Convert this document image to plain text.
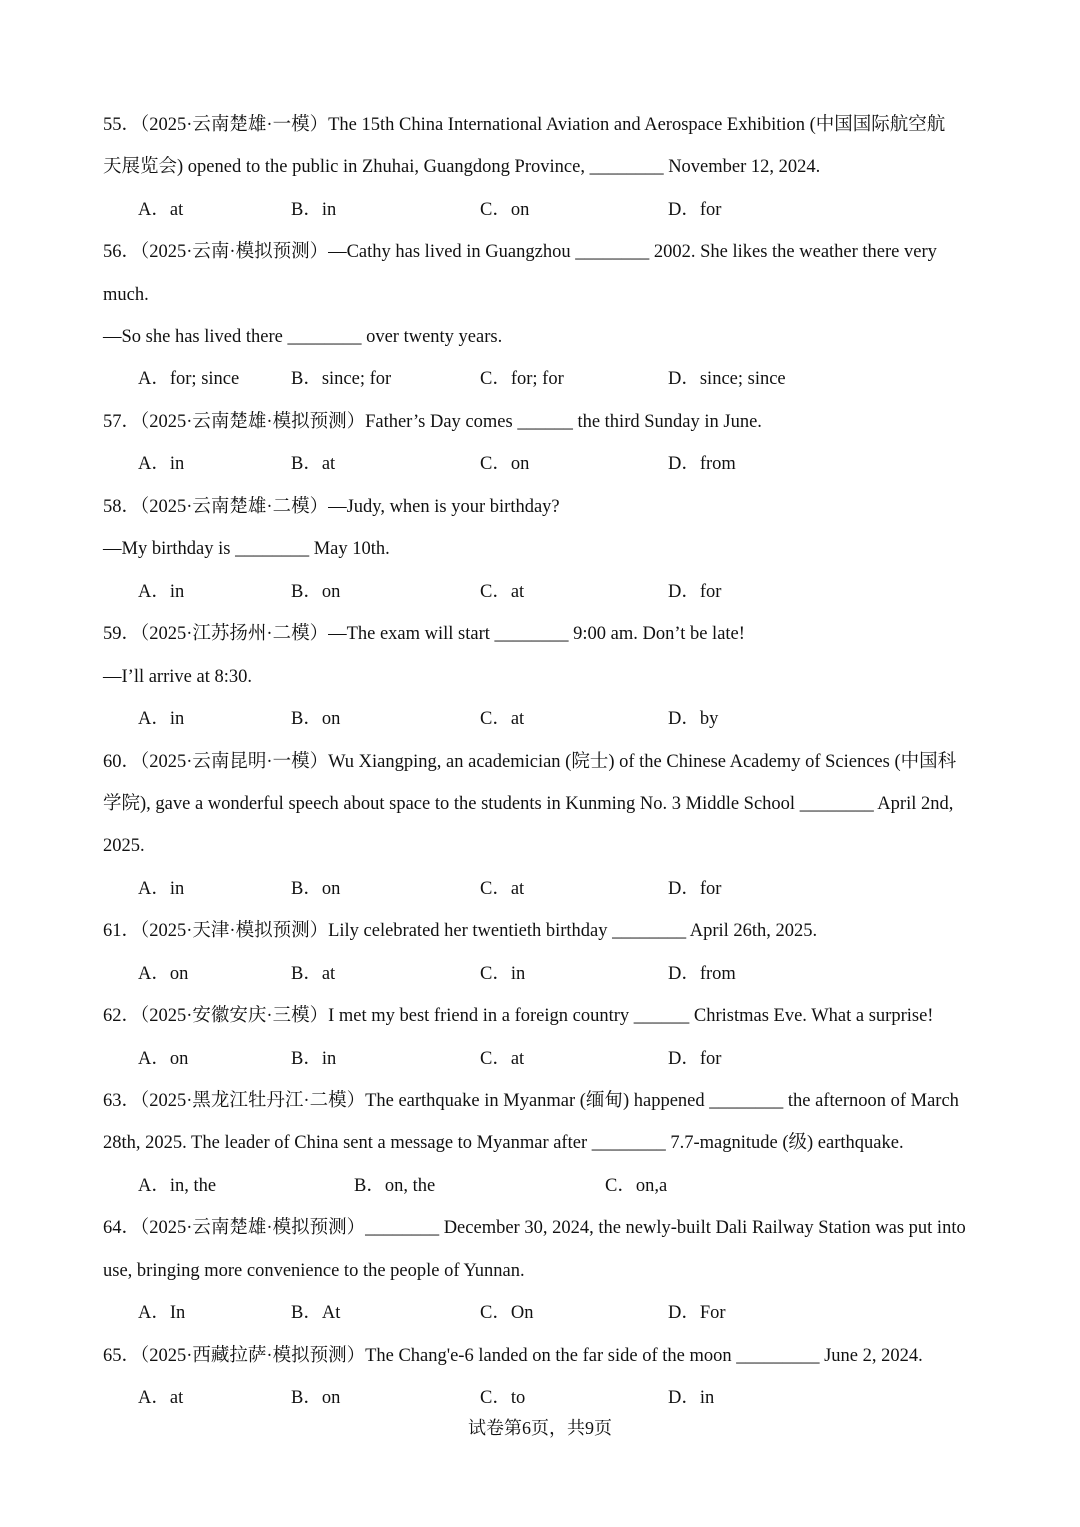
55．（2025·云南楚雄·一模）The 15th China International Aviation and Aerospace Exhibition (中国国际航空航
天展览会) opened to the public in Zhuhai, Guangdong Province, ________ November 12, 2024.
A．at	B．in	C．on	D．for
56．（2025·云南·模拟预测）—Cathy has lived in Guangzhou ________ 2002. She likes the weather there very
much.
—So she has lived there ________ over twenty years.
A．for; since	B．since; for	C．for; for	D．since; since
57．（2025·云南楚雄·模拟预测）Father’s Day comes ______ the third Sunday in June.
A．in	B．at	C．on	D．from
58．（2025·云南楚雄·二模）—Judy, when is your birthday?
—My birthday is ________ May 10th.
A．in	B．on	C．at	D．for
59．（2025·江苏扬州·二模）—The exam will start ________ 9:00 am. Don’t be late!
—I’ll arrive at 8:30.
A．in	B．on	C．at	D．by
60．（2025·云南昆明·一模）Wu Xiangping, an academician (院士) of the Chinese Academy of Sciences (中国科
学院), gave a wonderful speech about space to the students in Kunming No. 3 Middle School ________ April 2nd,
2025.
A．in	B．on	C．at	D．for
61．（2025·天津·模拟预测）Lily celebrated her twentieth birthday ________ April 26th, 2025.
A．on	B．at	C．in	D．from
62．（2025·安徽安庆·三模）I met my best friend in a foreign country ______ Christmas Eve. What a surprise!
A．on	B．in	C．at	D．for
63．（2025·黑龙江牡丹江·二模）The earthquake in Myanmar (缅甸) happened ________ the afternoon of March
28th, 2025. The leader of China sent a message to Myanmar after ________ 7.7-magnitude (级) earthquake.
A．in, the	B．on, the	C．on,a
64．（2025·云南楚雄·模拟预测）________ December 30, 2024, the newly-built Dali Railway Station was put into
use, bringing more convenience to the people of Yunnan.
A．In	B．At	C．On	D．For
65．（2025·西藏拉萨·模拟预测）The Chang'e-6 landed on the far side of the moon _________ June 2, 2024.
A．at	B．on	C．to	D．in
试卷第6页，共9页
